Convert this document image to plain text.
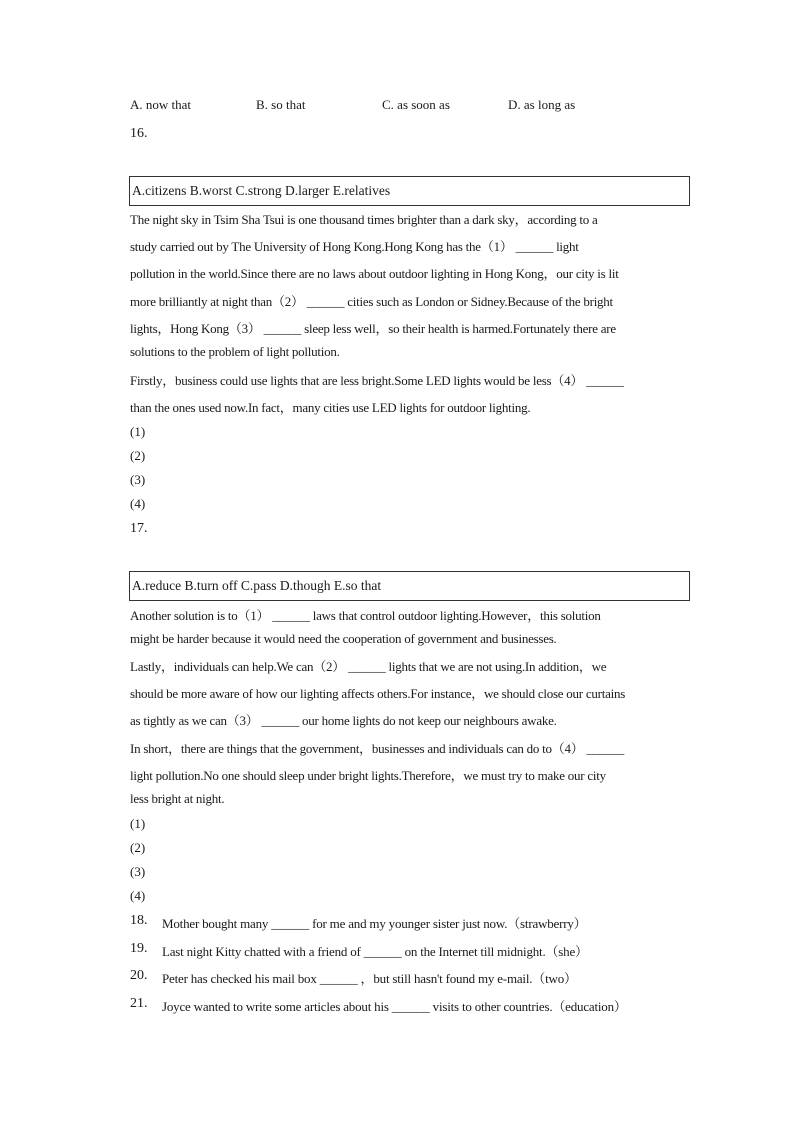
A. now that	B. so that	C. as soon as	D. as long as
16.
A.citizens B.worst C.strong D.larger E.relatives
The night sky in Tsim Sha Tsui is one thousand times brighter than a dark sky，according to a
study carried out by The University of Hong Kong.Hong Kong has the（1） ______ light
pollution in the world.Since there are no laws about outdoor lighting in Hong Kong，our city is lit
more brilliantly at night than（2） ______ cities such as London or Sidney.Because of the bright
lights，Hong Kong（3） ______ sleep less well，so their health is harmed.Fortunately there are
solutions to the problem of light pollution.
Firstly，business could use lights that are less bright.Some LED lights would be less（4） ______
than the ones used now.In fact，many cities use LED lights for outdoor lighting.
(1)
(2)
(3)
(4)
17.
A.reduce B.turn off C.pass D.though E.so that
Another solution is to（1） ______ laws that control outdoor lighting.However，this solution
might be harder because it would need the cooperation of government and businesses.
Lastly，individuals can help.We can（2） ______ lights that we are not using.In addition，we
should be more aware of how our lighting affects others.For instance，we should close our curtains
as tightly as we can（3） ______ our home lights do not keep our neighbours awake.
In short，there are things that the government，businesses and individuals can do to（4） ______
light pollution.No one should sleep under bright lights.Therefore，we must try to make our city
less bright at night.
(1)
(2)
(3)
(4)
18. Mother bought many ______ for me and my younger sister just now.（strawberry）
19. Last night Kitty chatted with a friend of ______ on the Internet till midnight.（she）
20. Peter has checked his mail box ______ ，but still hasn't found my e-mail.（two）
21. Joyce wanted to write some articles about his ______ visits to other countries.（education）
